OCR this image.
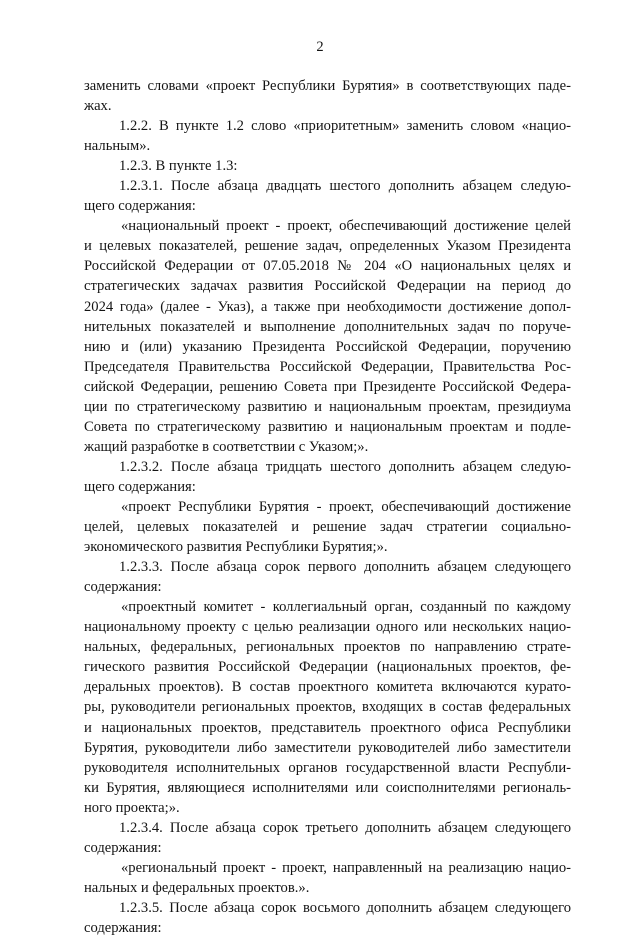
2
заменить словами «проект Республики Бурятия» в соответствующих паде-
жах.
1.2.2. В пункте 1.2 слово «приоритетным» заменить словом «нацио-
нальным».
1.2.3. В пункте 1.3:
1.2.3.1. После абзаца двадцать шестого дополнить абзацем следую-
щего содержания:
«национальный проект - проект, обеспечивающий достижение целей
и целевых показателей, решение задач, определенных Указом Президента
Российской Федерации от 07.05.2018 № 204 «О национальных целях и
стратегических задачах развития Российской Федерации на период до
2024 года» (далее - Указ), а также при необходимости достижение допол-
нительных показателей и выполнение дополнительных задач по поруче-
нию и (или) указанию Президента Российской Федерации, поручению
Председателя Правительства Российской Федерации, Правительства Рос-
сийской Федерации, решению Совета при Президенте Российской Федера-
ции по стратегическому развитию и национальным проектам, президиума
Совета по стратегическому развитию и национальным проектам и подле-
жащий разработке в соответствии с Указом;».
1.2.3.2. После абзаца тридцать шестого дополнить абзацем следую-
щего содержания:
«проект Республики Бурятия - проект, обеспечивающий достижение
целей, целевых показателей и решение задач стратегии социально-
экономического развития Республики Бурятия;».
1.2.3.3. После абзаца сорок первого дополнить абзацем следующего
содержания:
«проектный комитет - коллегиальный орган, созданный по каждому
национальному проекту с целью реализации одного или нескольких нацио-
нальных, федеральных, региональных проектов по направлению страте-
гического развития Российской Федерации (национальных проектов, фе-
деральных проектов). В состав проектного комитета включаются курато-
ры, руководители региональных проектов, входящих в состав федеральных
и национальных проектов, представитель проектного офиса Республики
Бурятия, руководители либо заместители руководителей либо заместители
руководителя исполнительных органов государственной власти Республи-
ки Бурятия, являющиеся исполнителями или соисполнителями региональ-
ного проекта;».
1.2.3.4. После абзаца сорок третьего дополнить абзацем следующего
содержания:
«региональный проект - проект, направленный на реализацию нацио-
нальных и федеральных проектов.».
1.2.3.5. После абзаца сорок восьмого дополнить абзацем следующего
содержания:
